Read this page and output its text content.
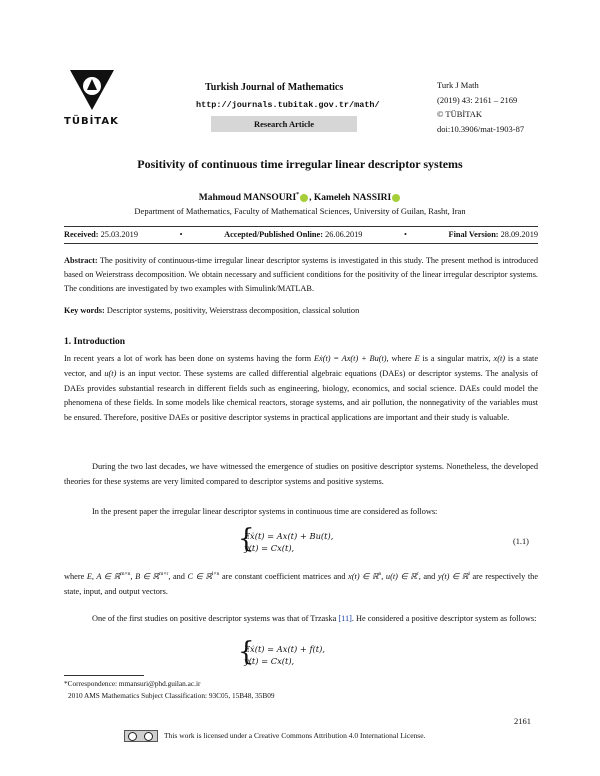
TÜBİTAK
Turkish Journal of Mathematics
http://journals.tubitak.gov.tr/math/
Research Article
Turk J Math
(2019) 43: 2161 – 2169
© TÜBİTAK
doi:10.3906/mat-1903-87
Positivity of continuous time irregular linear descriptor systems
Mahmoud MANSOURI* , Kameleh NASSIRI
Department of Mathematics, Faculty of Mathematical Sciences, University of Guilan, Rasht, Iran
Received: 25.03.2019	•	Accepted/Published Online: 26.06.2019	•	Final Version: 28.09.2019
Abstract: The positivity of continuous-time irregular linear descriptor systems is investigated in this study. The present method is introduced based on Weierstrass decomposition. We obtain necessary and sufficient conditions for the positivity of the linear irregular descriptor systems. The conditions are investigated by two examples with Simulink/MATLAB.
Key words: Descriptor systems, positivity, Weierstrass decomposition, classical solution
1. Introduction
In recent years a lot of work has been done on systems having the form Eẋ(t) = Ax(t) + Bu(t), where E is a singular matrix, x(t) is a state vector, and u(t) is an input vector. These systems are called differential algebraic equations (DAEs) or descriptor systems. The analysis of DAEs provides substantial research in different fields such as engineering, biology, economics, and social science. DAEs could model the phenomena of these fields. In some models like chemical reactors, storage systems, and air pollution, the nonnegativity of the variables must be ensured. Therefore, positive DAEs or positive descriptor systems in practical applications are important and their study is valuable.
During the two last decades, we have witnessed the emergence of studies on positive descriptor systems. Nonetheless, the developed theories for these systems are very limited compared to descriptor systems and positive systems.
In the present paper the irregular linear descriptor systems in continuous time are considered as follows:
{
Eẋ(t) = Ax(t) + Bu(t),
y(t) = Cx(t),
(1.1)
where E, A ∈ ℝ$^{m\times n}$, B ∈ ℝ$^{m\times r}$, and C ∈ ℝ$^{l\times n}$ are constant coefficient matrices and x(t) ∈ ℝ$^n$, u(t) ∈ ℝ$^r$, and y(t) ∈ ℝ$^l$ are respectively the state, input, and output vectors.
One of the first studies on positive descriptor systems was that of Trzaska [11]. He considered a positive descriptor system as follows:
{
Eẋ(t) = Ax(t) + f(t),
y(t) = Cx(t),
*Correspondence: mmansuri@phd.guilan.ac.ir
2010 AMS Mathematics Subject Classification: 93C05, 15B48, 35B09
2161
This work is licensed under a Creative Commons Attribution 4.0 International License.
